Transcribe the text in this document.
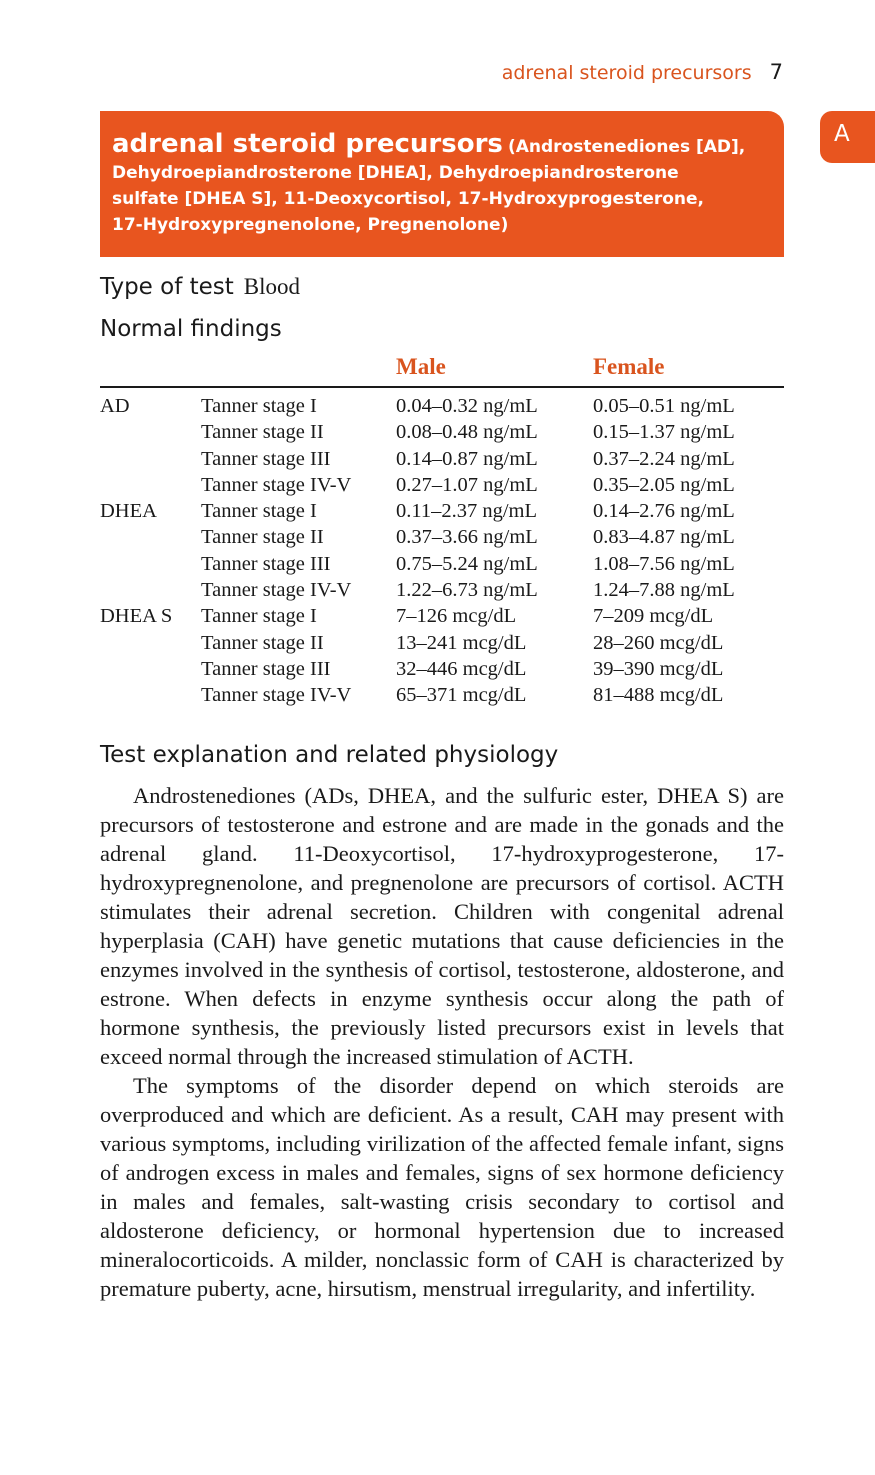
adrenal steroid precursors 7
A
adrenal steroid precursors (Androstenediones [AD],
Dehydroepiandrosterone [DHEA], Dehydroepiandrosterone
sulfate [DHEA S], 11-Deoxycortisol, 17-Hydroxyprogesterone,
17-Hydroxypregnenolone, Pregnenolone)
Type of test Blood
Normal findings
Male	Female
AD	Tanner stage I	0.04–0.32 ng/mL	0.05–0.51 ng/mL
Tanner stage II	0.08–0.48 ng/mL	0.15–1.37 ng/mL
Tanner stage III	0.14–0.87 ng/mL	0.37–2.24 ng/mL
Tanner stage IV-V 0.27–1.07 ng/mL	0.35–2.05 ng/mL
DHEA Tanner stage I	0.11–2.37 ng/mL	0.14–2.76 ng/mL
Tanner stage II	0.37–3.66 ng/mL	0.83–4.87 ng/mL
Tanner stage III	0.75–5.24 ng/mL	1.08–7.56 ng/mL
Tanner stage IV-V 1.22–6.73 ng/mL	1.24–7.88 ng/mL
DHEA S Tanner stage I	7–126 mcg/dL	7–209 mcg/dL
Tanner stage II	13–241 mcg/dL	28–260 mcg/dL
Tanner stage III	32–446 mcg/dL	39–390 mcg/dL
Tanner stage IV-V 65–371 mcg/dL	81–488 mcg/dL
Test explanation and related physiology

Androstenediones (ADs, DHEA, and the sulfuric ester, DHEA S) are precursors of testosterone and estrone and are made in the gonads and the adrenal gland. 11-Deoxycortisol, 17-hydroxyprogesterone, 17-hydroxypregnenolone, and pregnenolone are precursors of cortisol. ACTH stimulates their adrenal secretion. Children with congenital adrenal hyperplasia (CAH) have genetic mutations that cause deficiencies in the enzymes involved in the synthesis of cortisol, testosterone, aldosterone, and estrone. When defects in enzyme synthesis occur along the path of hormone synthesis, the previously listed precursors exist in levels that exceed normal through the increased stimulation of ACTH.

The symptoms of the disorder depend on which steroids are overproduced and which are deficient. As a result, CAH may present with various symptoms, including virilization of the affected female infant, signs of androgen excess in males and females, signs of sex hormone deficiency in males and females, salt-wasting crisis secondary to cortisol and aldosterone deficiency, or hormonal hypertension due to increased mineralocorticoids. A milder, nonclassic form of CAH is characterized by premature puberty, acne, hirsutism, menstrual irregularity, and infertility.
